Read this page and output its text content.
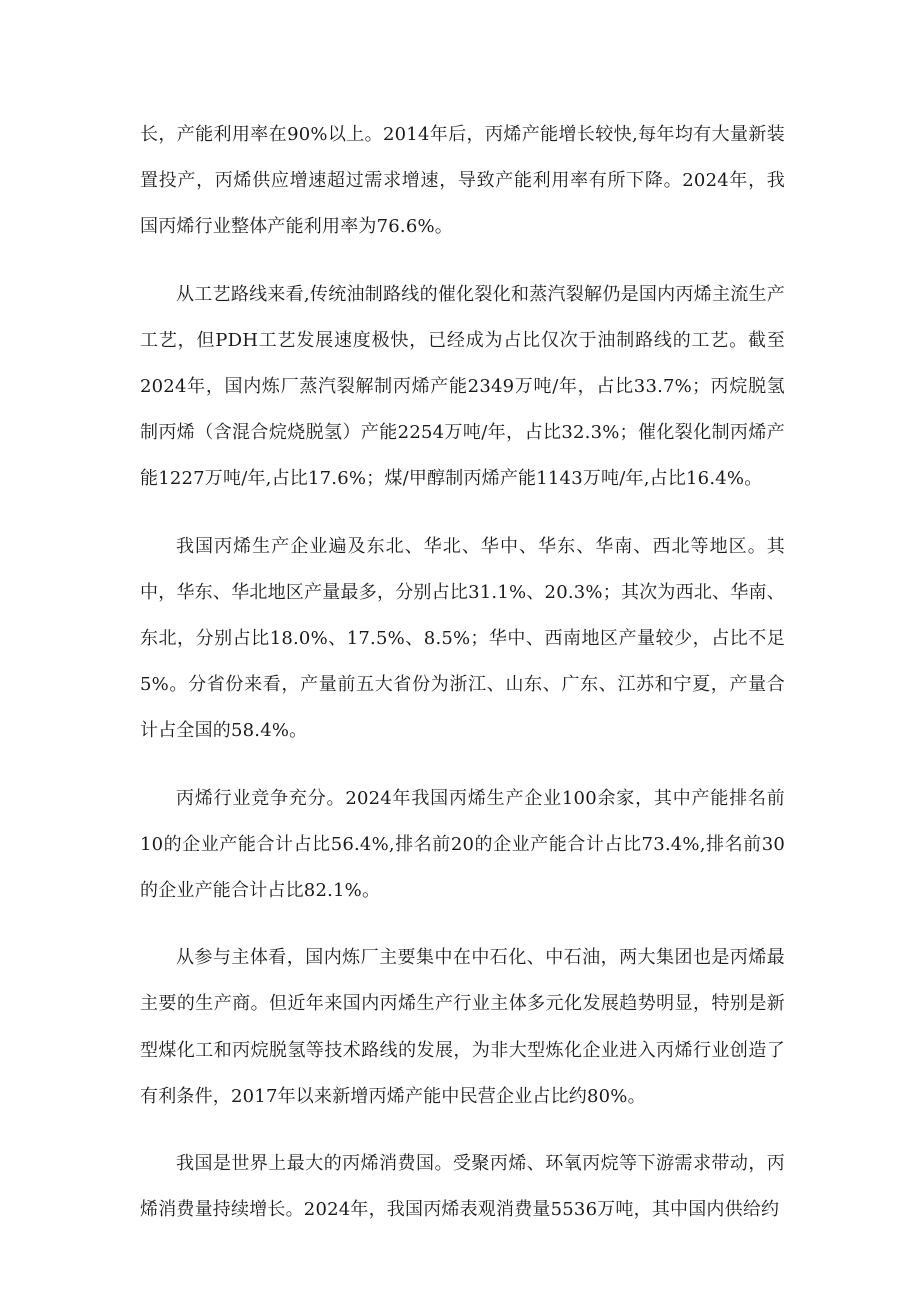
长，产能利用率在90%以上。2014年后，丙烯产能增长较快,每年均有大量新装置投产，丙烯供应增速超过需求增速，导致产能利用率有所下降。2024年，我国丙烯行业整体产能利用率为76.6%。

从工艺路线来看,传统油制路线的催化裂化和蒸汽裂解仍是国内丙烯主流生产工艺，但PDH工艺发展速度极快，已经成为占比仅次于油制路线的工艺。截至2024年，国内炼厂蒸汽裂解制丙烯产能2349万吨/年，占比33.7%；丙烷脱氢制丙烯（含混合烷烧脱氢）产能2254万吨/年，占比32.3%；催化裂化制丙烯产能1227万吨/年,占比17.6%；煤/甲醇制丙烯产能1143万吨/年,占比16.4%。

我国丙烯生产企业遍及东北、华北、华中、华东、华南、西北等地区。其中，华东、华北地区产量最多，分别占比31.1%、20.3%；其次为西北、华南、东北，分别占比18.0%、17.5%、8.5%；华中、西南地区产量较少，占比不足5%。分省份来看，产量前五大省份为浙江、山东、广东、江苏和宁夏，产量合计占全国的58.4%。

丙烯行业竞争充分。2024年我国丙烯生产企业100余家，其中产能排名前10的企业产能合计占比56.4%,排名前20的企业产能合计占比73.4%,排名前30的企业产能合计占比82.1%。

从参与主体看，国内炼厂主要集中在中石化、中石油，两大集团也是丙烯最主要的生产商。但近年来国内丙烯生产行业主体多元化发展趋势明显，特别是新型煤化工和丙烷脱氢等技术路线的发展，为非大型炼化企业进入丙烯行业创造了有利条件，2017年以来新增丙烯产能中民营企业占比约80%。

我国是世界上最大的丙烯消费国。受聚丙烯、环氧丙烷等下游需求带动，丙烯消费量持续增长。2024年，我国丙烯表观消费量5536万吨，其中国内供给约
